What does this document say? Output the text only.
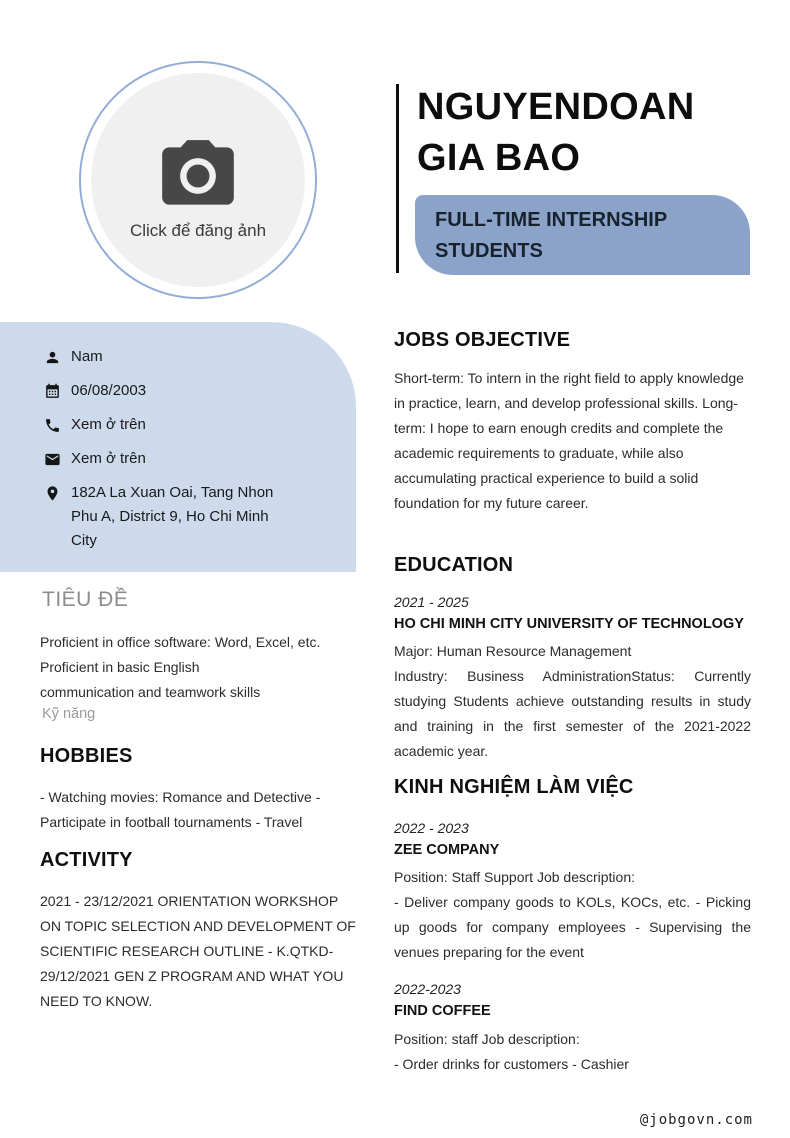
Click để đăng ảnh
NGUYENDOAN GIA BAO
FULL-TIME INTERNSHIP STUDENTS
Nam
06/08/2003
Xem ở trên
Xem ở trên
182A La Xuan Oai, Tang Nhon Phu A, District 9, Ho Chi Minh City
TIÊU ĐỀ
Proficient in office software: Word, Excel, etc.
Proficient in basic English
communication and teamwork skills
Kỹ năng
HOBBIES

- Watching movies: Romance and Detective - Participate in football tournaments - Travel

ACTIVITY

2021 - 23/12/2021 ORIENTATION WORKSHOP ON TOPIC SELECTION AND DEVELOPMENT OF SCIENTIFIC RESEARCH OUTLINE - K.QTKD-29/12/2021 GEN Z PROGRAM AND WHAT YOU NEED TO KNOW.

JOBS OBJECTIVE

Short-term: To intern in the right field to apply knowledge in practice, learn, and develop professional skills. Long-term: I hope to earn enough credits and complete the academic requirements to graduate, while also accumulating practical experience to build a solid foundation for my future career.

EDUCATION
2021 - 2025
HO CHI MINH CITY UNIVERSITY OF TECHNOLOGY
Major: Human Resource Management

Industry: Business AdministrationStatus: Currently studying Students achieve outstanding results in study and training in the first semester of the 2021-2022 academic year.

KINH NGHIỆM LÀM VIỆC
2022 - 2023
ZEE COMPANY
Position: Staff Support Job description:

- Deliver company goods to KOLs, KOCs, etc. - Picking up goods for company employees - Supervising the venues preparing for the event

2022-2023
FIND COFFEE
Position: staff Job description:

- Order drinks for customers - Cashier

@jobgovn.com
